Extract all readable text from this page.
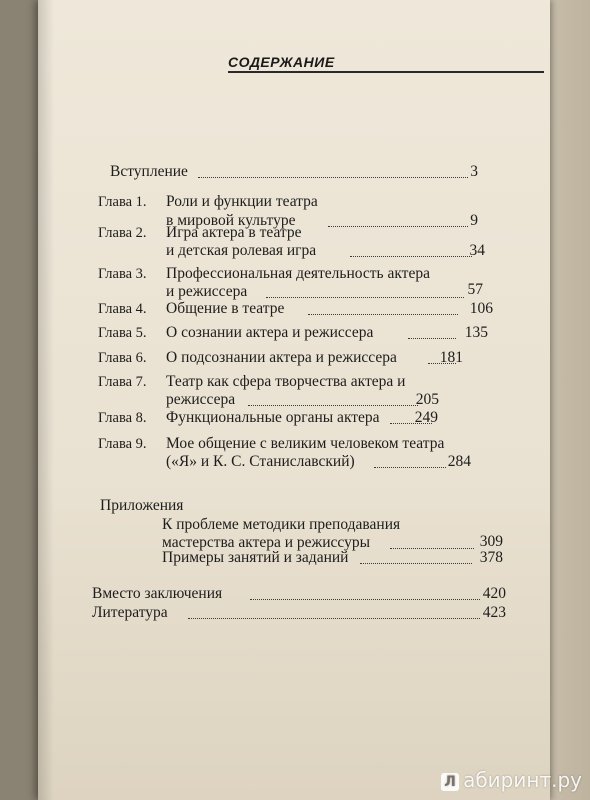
СОДЕРЖАНИЕ
Вступление	3
Глава 1. Роли и функции театра
в мировой культуре	9
Глава 2. Игра актера в театре
и детская ролевая игра	34
Глава 3. Профессиональная деятельность актера
и режиссера	57
Глава 4. Общение в театре	106
Глава 5. О сознании актера и режиссера	135
Глава 6. О подсознании актера и режиссера	181
Глава 7. Театр как сфера творчества актера и
режиссера	205
Глава 8. Функциональные органы актера	249
Глава 9. Мое общение с великим человеком театра
(«Я» и К. С. Станиславский)	284
Приложения
К проблеме методики преподавания
мастерства актера и режиссуры	309
Примеры занятий и заданий	378
Вместо заключения	420
Литература	423
Л абиринт.ру
